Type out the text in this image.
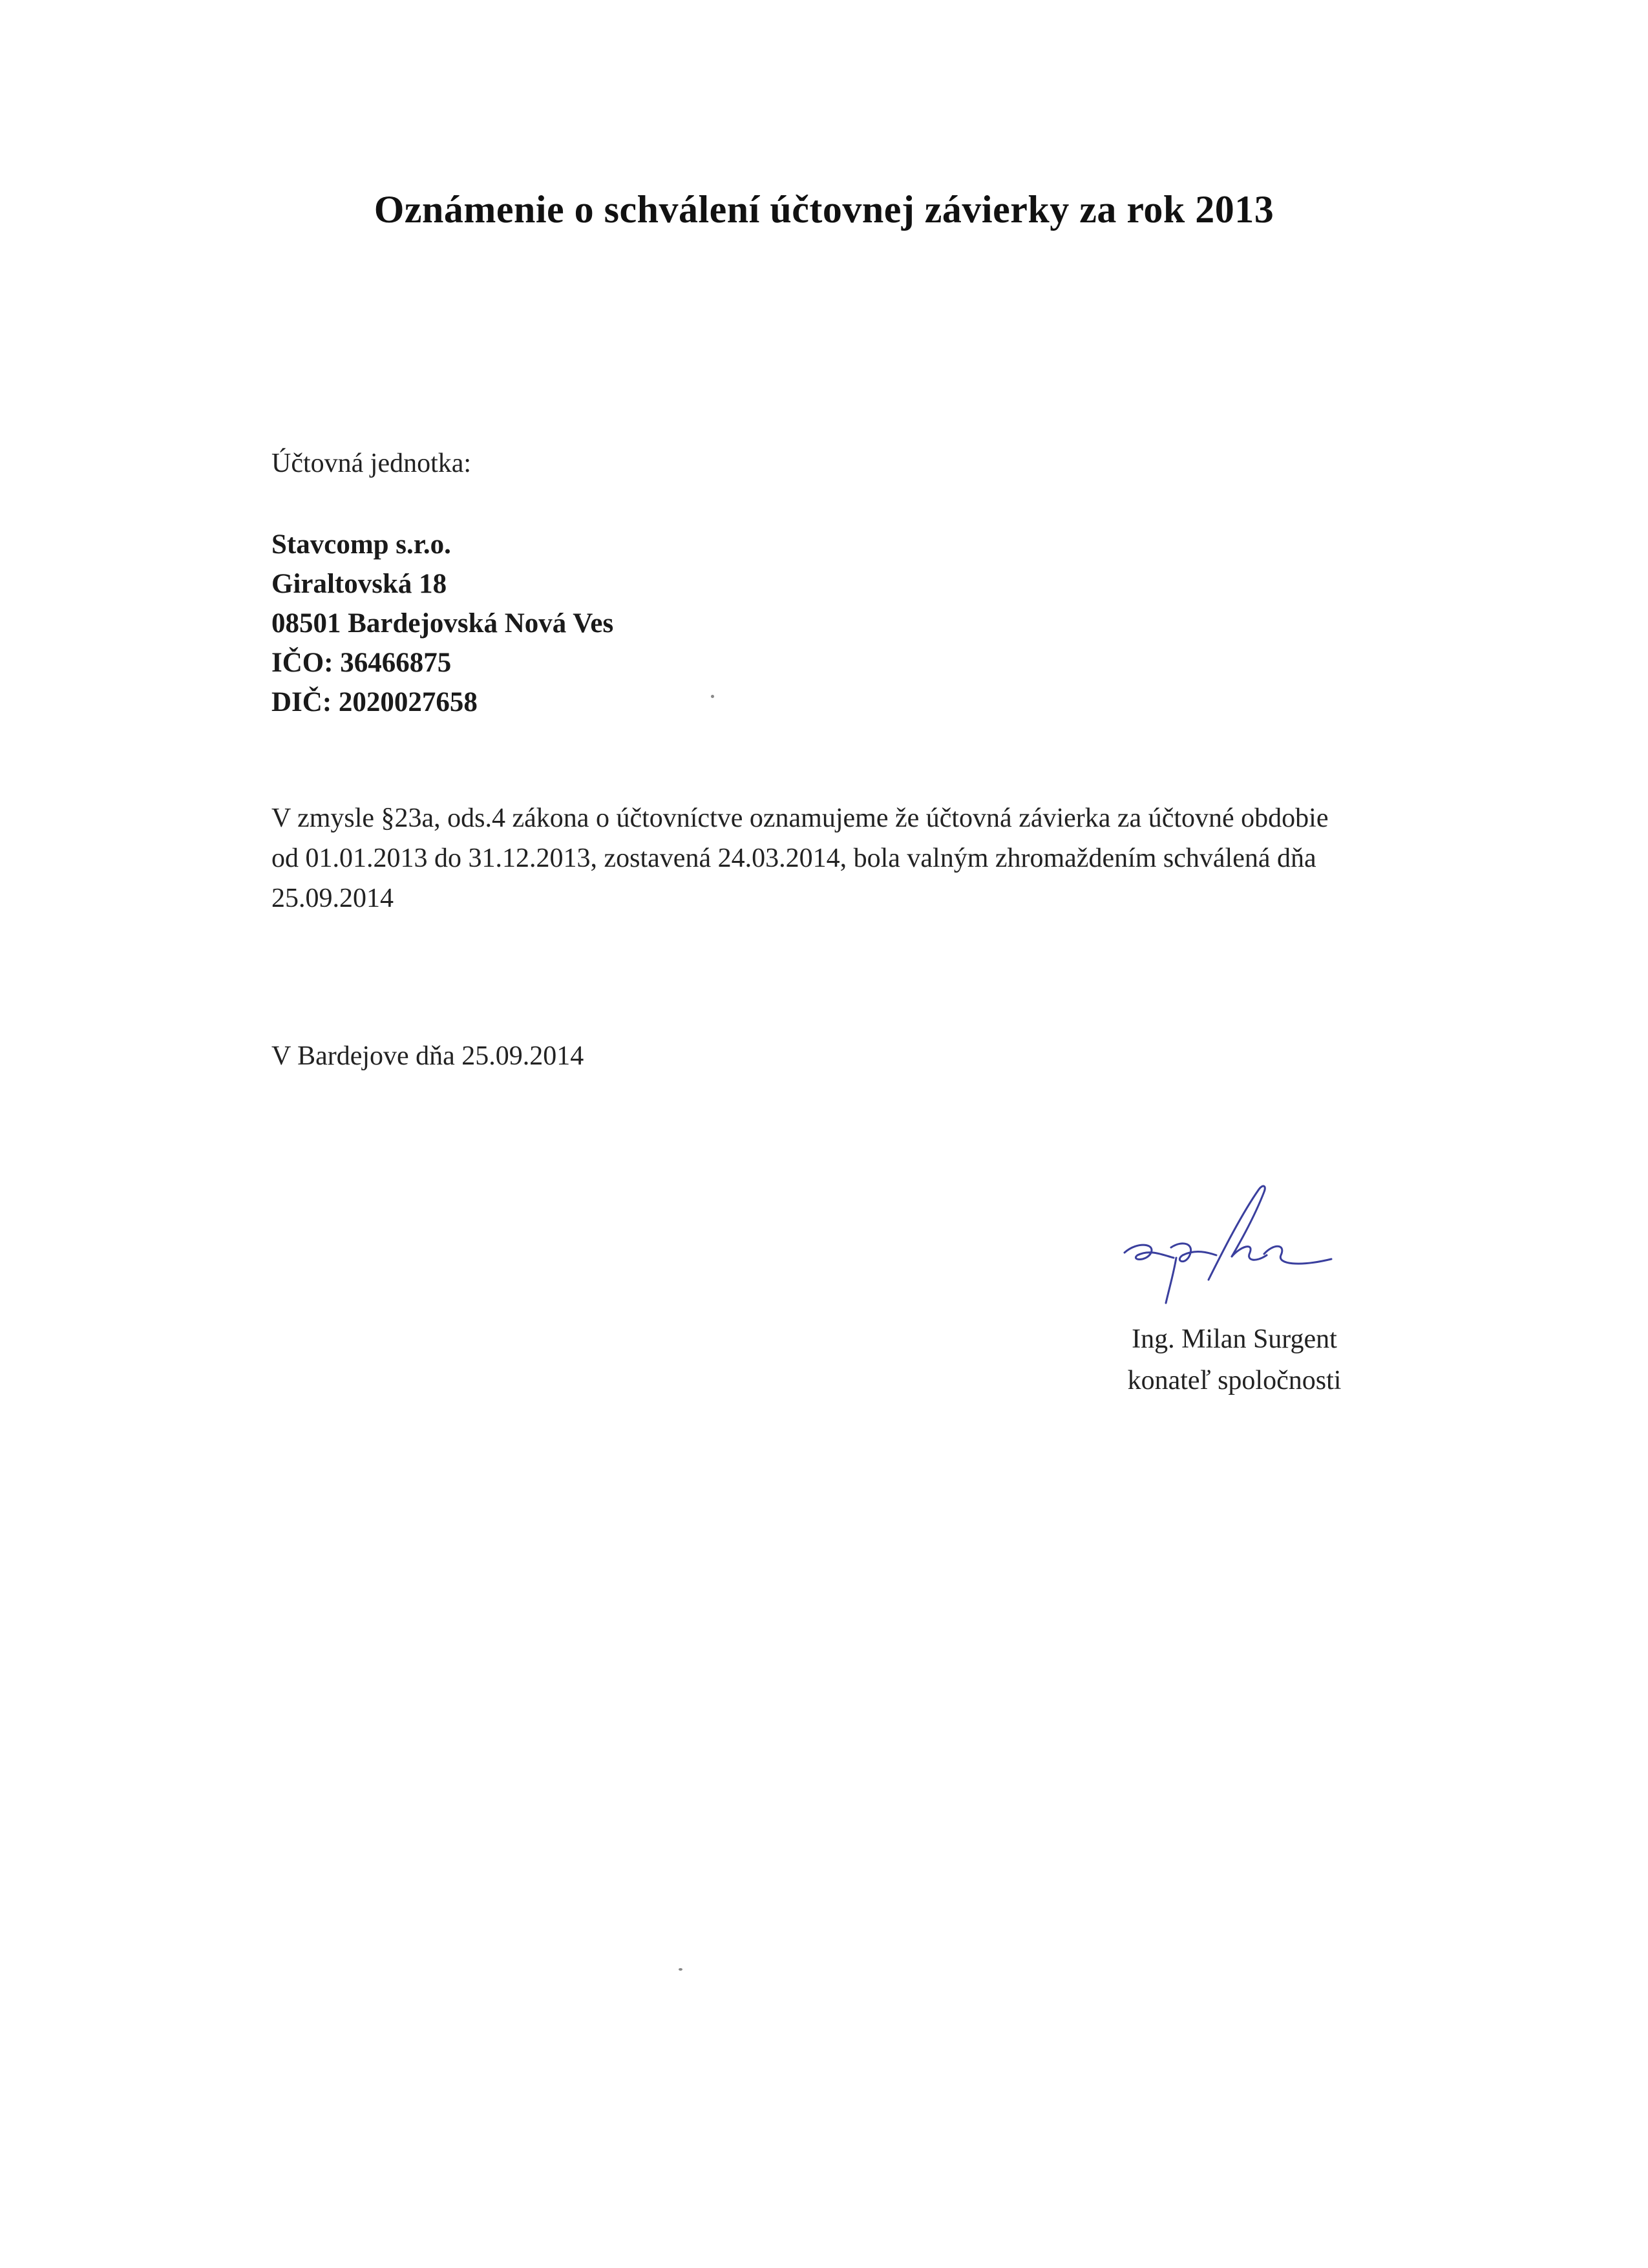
Oznámenie o schválení účtovnej závierky za rok 2013
Účtovná jednotka:
Stavcomp s.r.o.
Giraltovská 18
08501 Bardejovská Nová Ves
IČO: 36466875
DIČ: 2020027658
V zmysle §23a, ods.4 zákona o účtovníctve oznamujeme že účtovná závierka za účtovné obdobie
od 01.01.2013 do 31.12.2013, zostavená 24.03.2014, bola valným zhromaždením schválená dňa
25.09.2014
V Bardejove dňa 25.09.2014
Ing. Milan Surgent
konateľ spoločnosti
